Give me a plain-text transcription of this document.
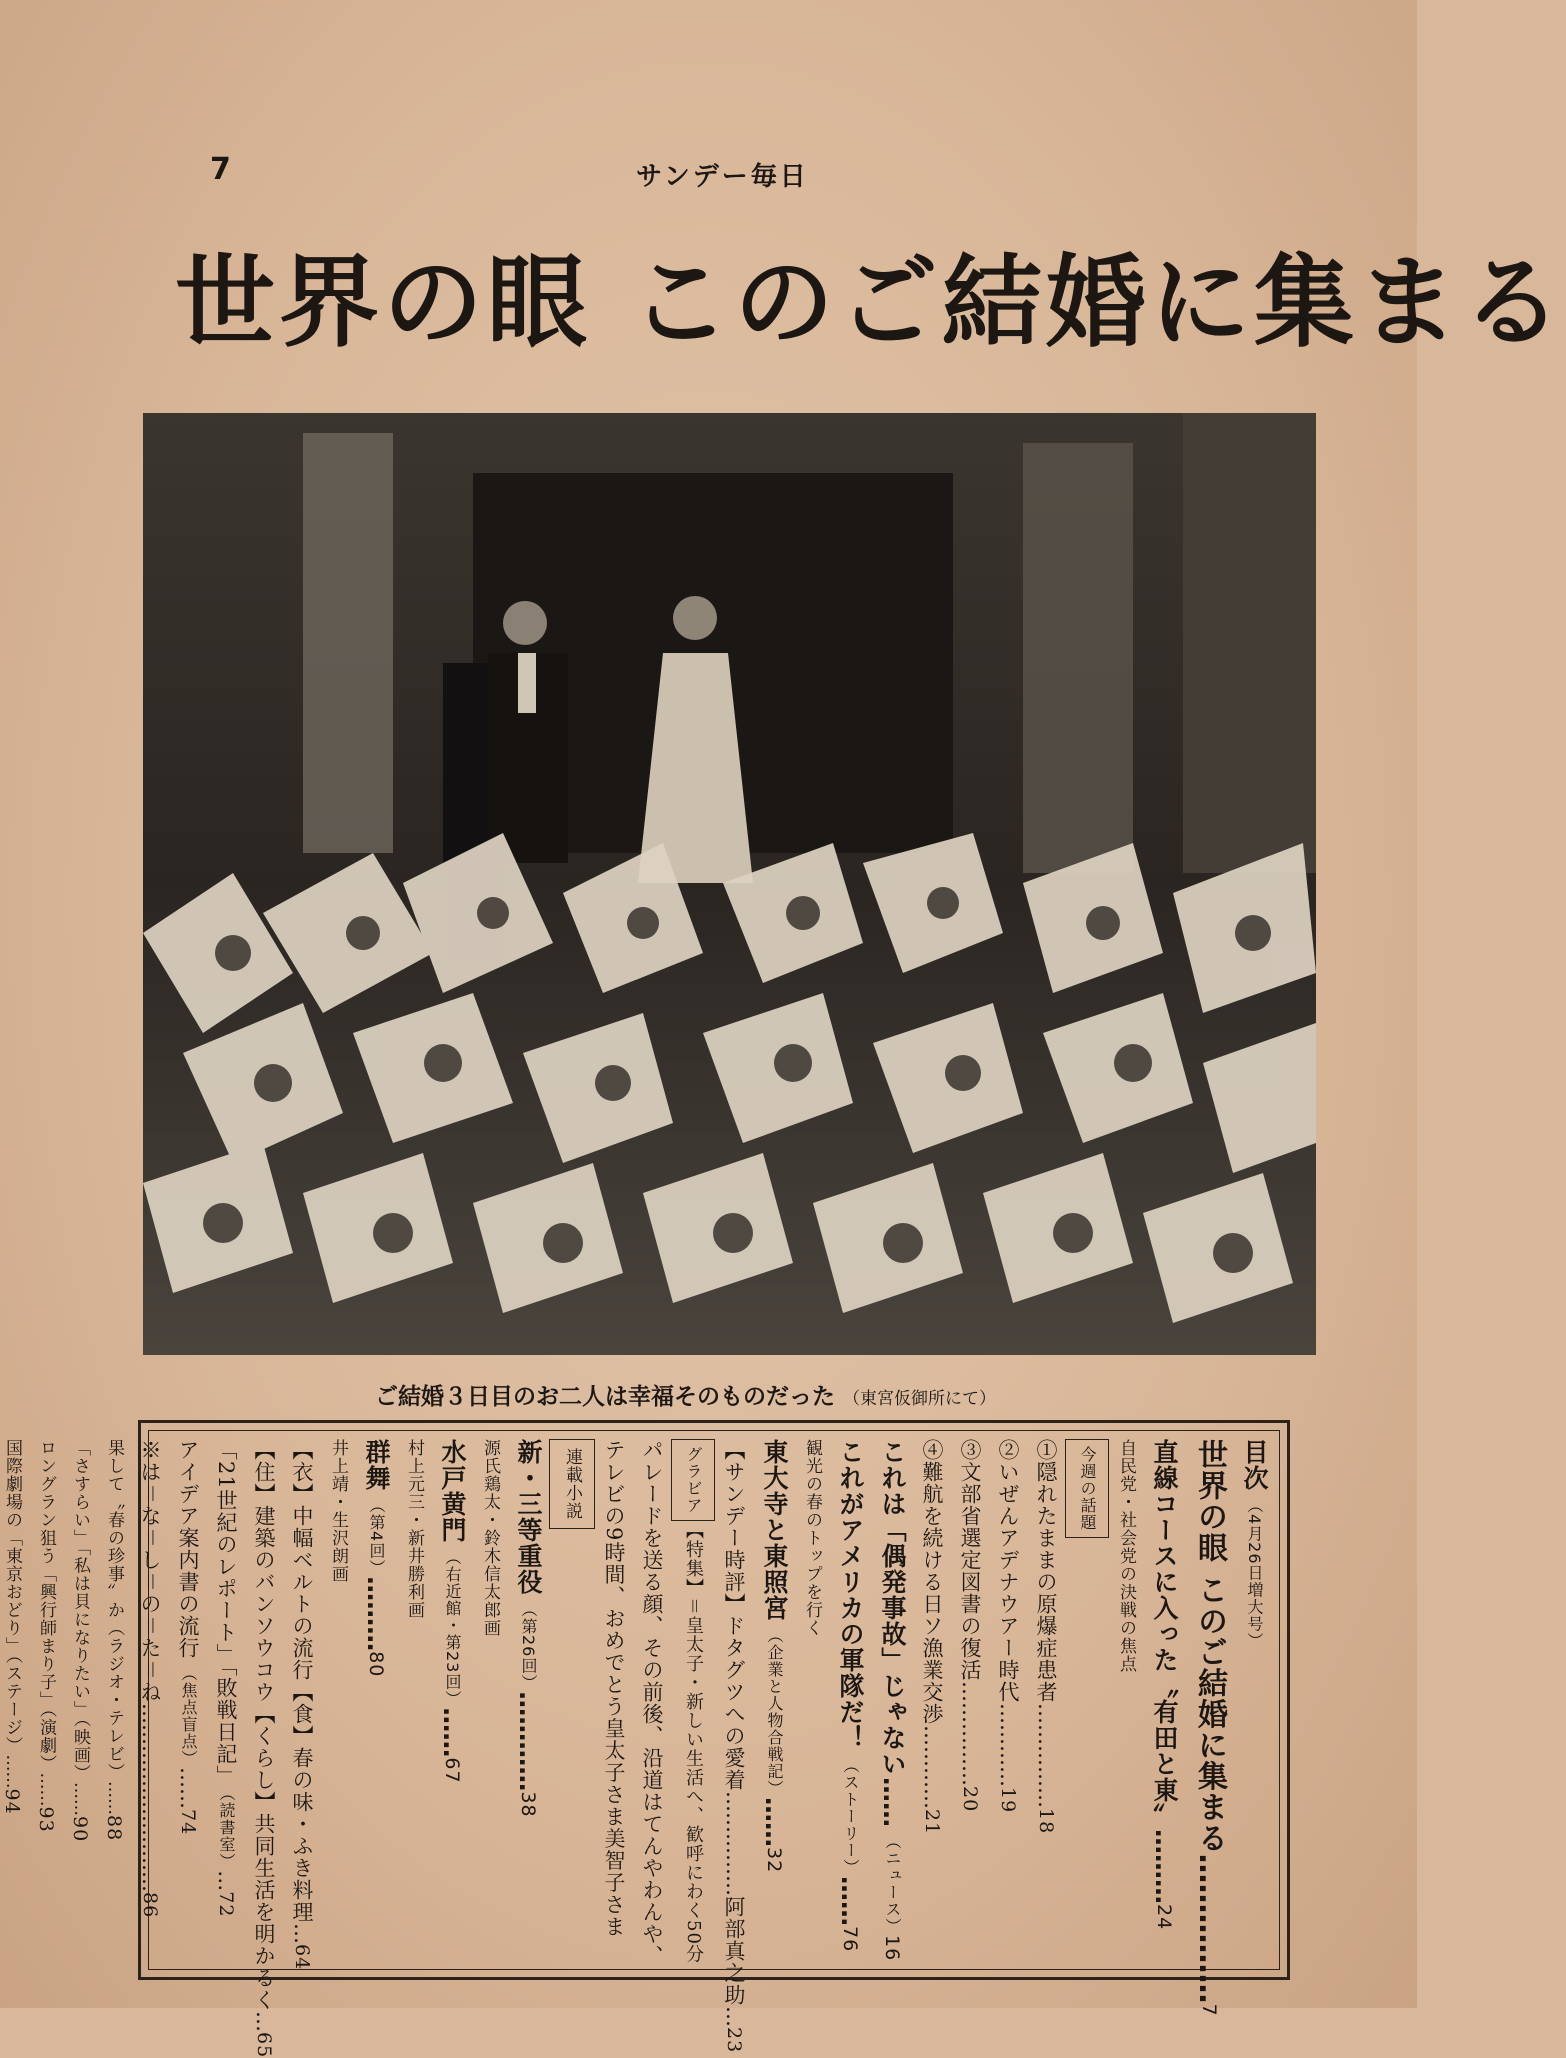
7	サンデー毎日
世界の眼 このご結婚に集まる
ご結婚３日目のお二人は幸福そのものだった （東宮仮御所にて）
目次（4月26日増大号）
世界の眼 このご結婚に集まる……………7
直線コースに入った〝有田と東〟………24
自民党・社会党の決戦の焦点
今週の話題
①隠れたままの原爆症患者……………18
②いぜんアデナウアー時代…………19
③文部省選定図書の復活……………20
④難航を続ける日ソ漁業交渉…………21
これは「偶発事故」じゃない……（ニュース）16
これがアメリカの軍隊だ！（ストーリー）……76
観光の春のトップを行く
東大寺と東照宮（企業と人物合戦記）……32
【サンデー時評】ドタグツへの愛着……………阿部真之助…23
グラビア【特集】＝皇太子・新しい生活へ、歓呼にわく50分
パレードを送る顔、その前後、沿道はてんやわんや、
テレビの9時間、おめでとう皇太子さま美智子さま
連載小説
新・三等重役（第26回）…………38
源氏鶏太・鈴木信太郎画
水戸黄門（右近館・第23回）……67
村上元三・新井勝利画
群舞（第4回）………80
井上靖・生沢朗画
【衣】中幅ベルトの流行【食】春の味・ふき料理…64
【住】建築のバンソウコウ【くらし】共同生活を明かるく…65
「21世紀のレポート」「敗戦日記」（読書室）…72
アイデア案内書の流行（焦点盲点）……74
※は＝な＝し＝の＝た＝ね………………………86
果して〝春の珍事〟か（ラジオ・テレビ）……88
「さすらい」「私は貝になりたい」（映画）……90
ロングラン狙う「興行師まり子」（演劇）……93
国際劇場の「東京おどり」（ステージ）……94
